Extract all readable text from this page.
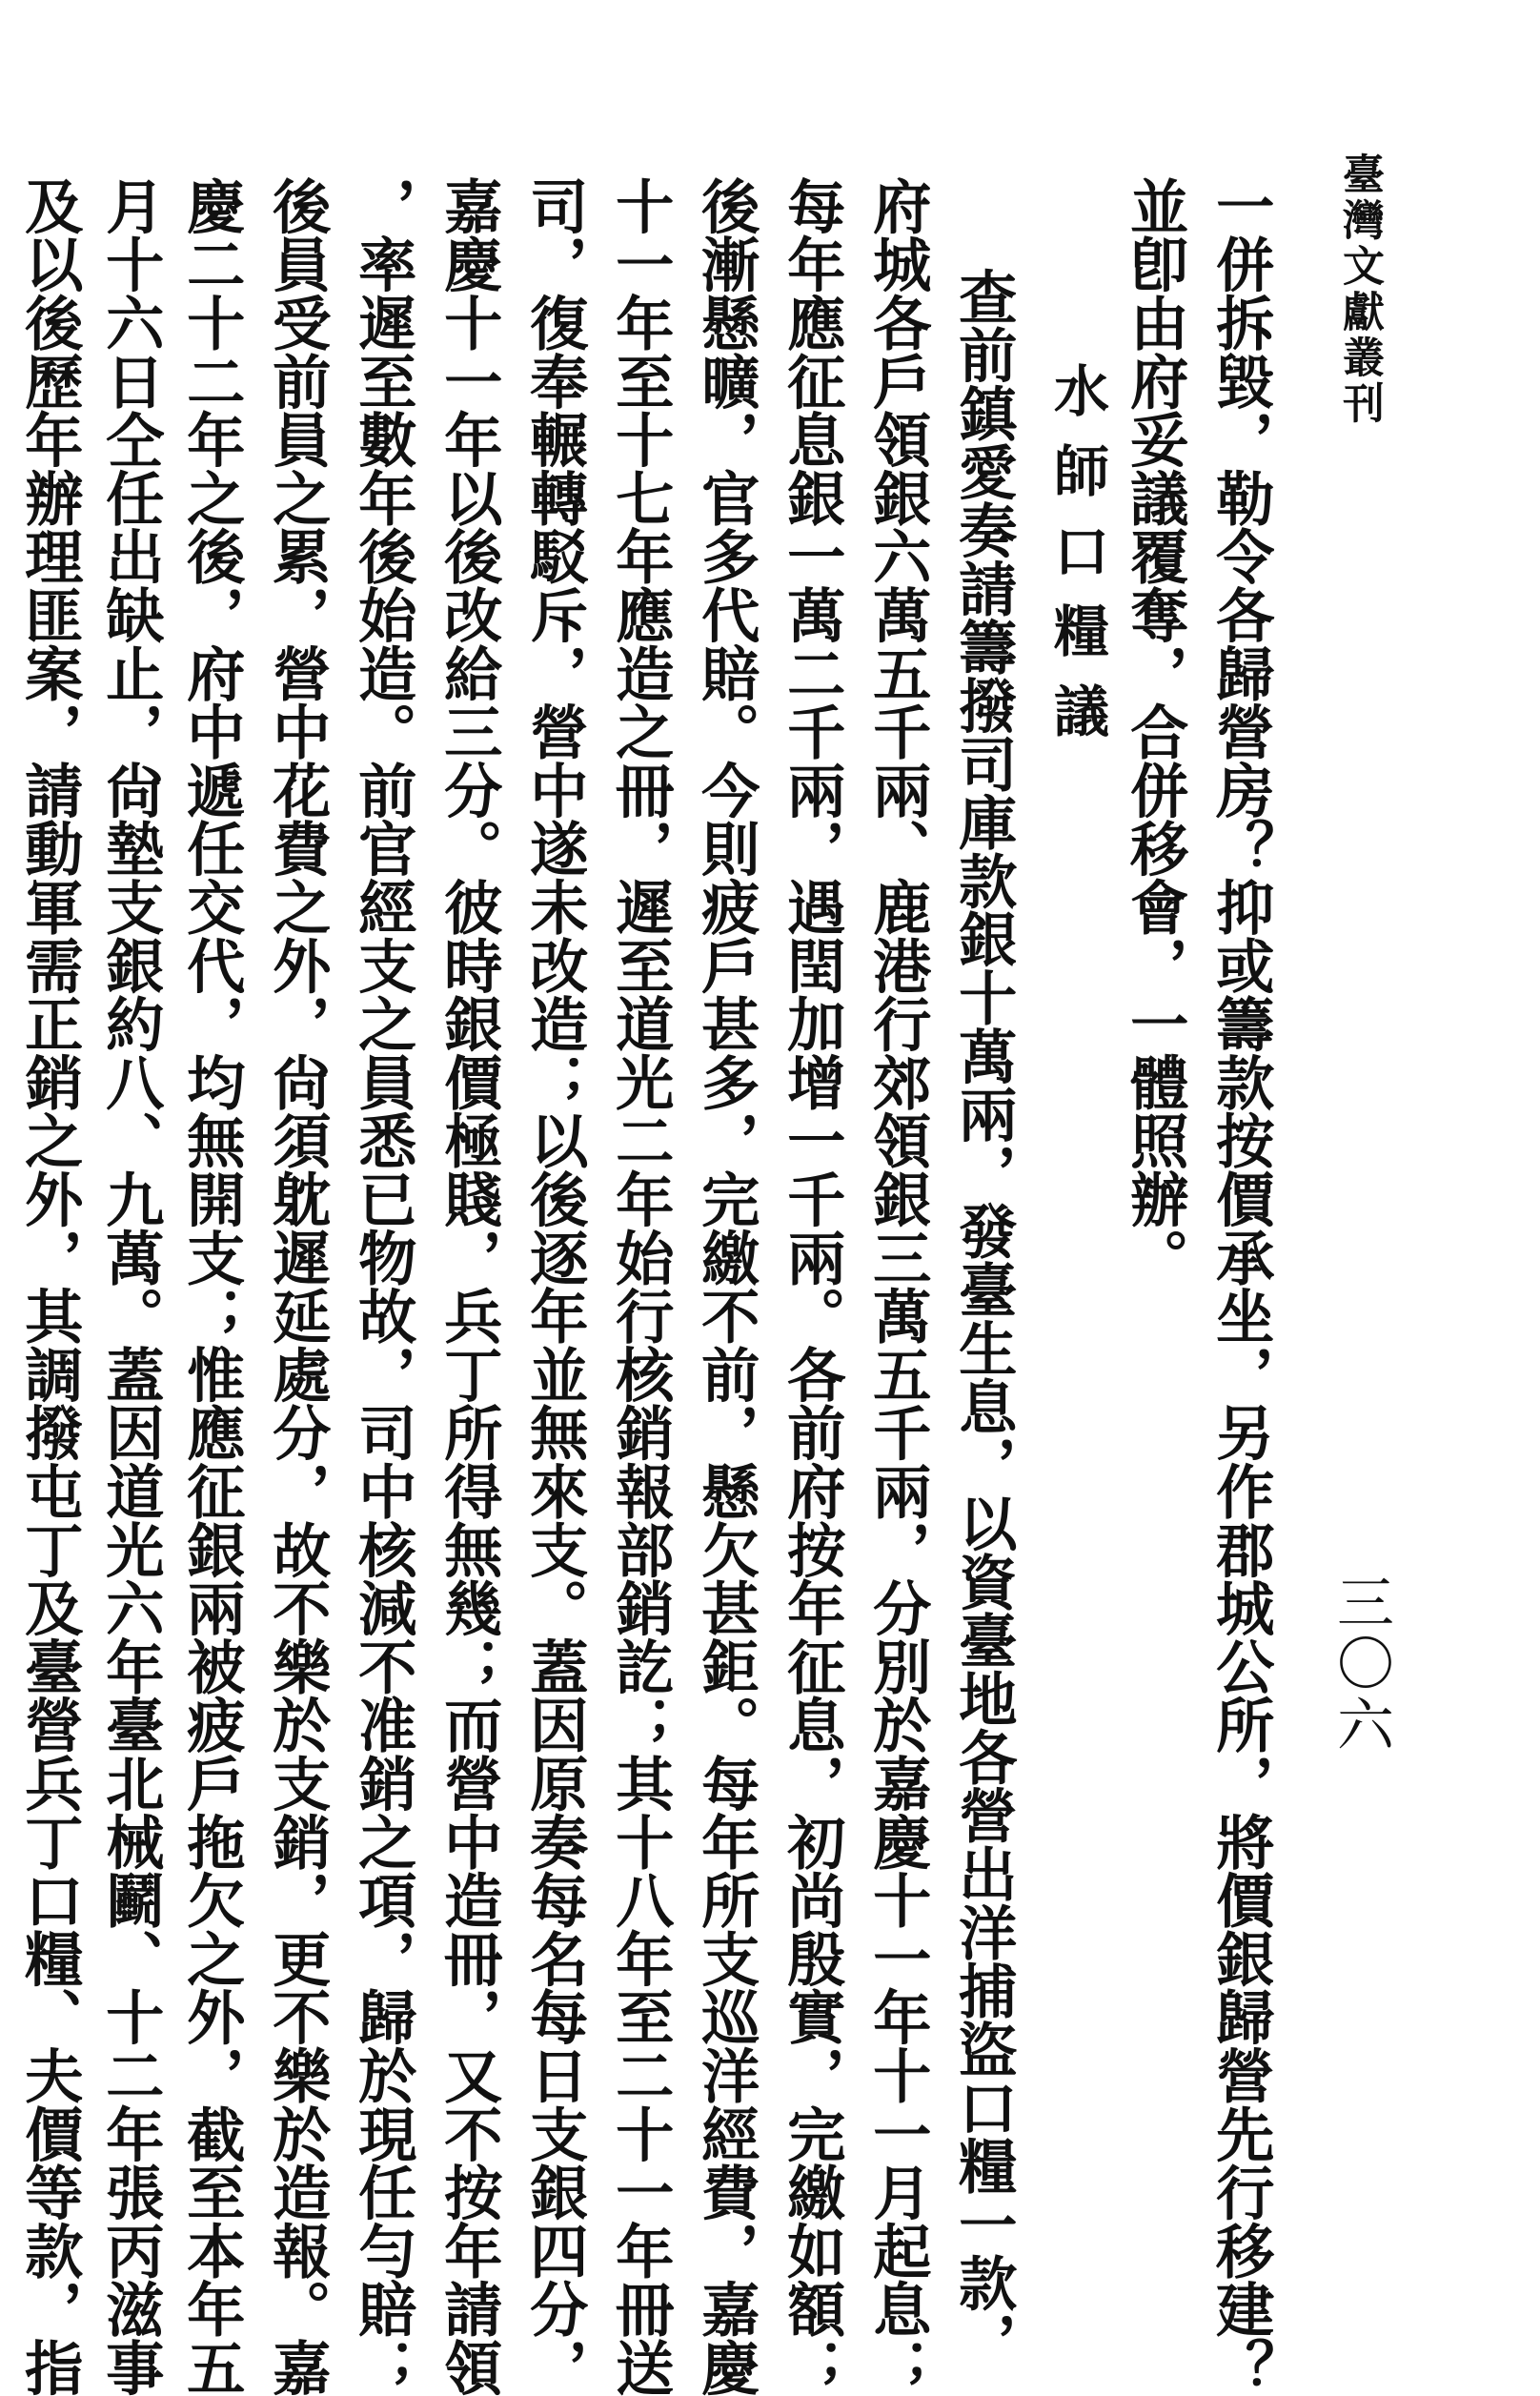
臺灣文獻叢刊
三〇六
一併拆毀，勒令各歸營房？抑或籌款按價承坐，另作郡城公所，將價銀歸營先行移建？
並卽由府妥議覆奪，合併移會，一體照辦。
水師口糧議
查前鎮愛奏請籌撥司庫款銀十萬兩，發臺生息，以資臺地各營出洋捕盜口糧一款，
府城各戶領銀六萬五千兩、鹿港行郊領銀三萬五千兩，分別於嘉慶十一年十一月起息；
每年應征息銀一萬二千兩，遇閏加增一千兩。各前府按年征息，初尚殷實，完繳如額；
後漸懸曠，官多代賠。今則疲戶甚多，完繳不前，懸欠甚鉅。每年所支巡洋經費，嘉慶
十一年至十七年應造之冊，遲至道光二年始行核銷報部銷訖；其十八年至二十一年冊送
司，復奉輾轉駁斥，營中遂未改造；以後逐年並無來支。蓋因原奏每名每日支銀四分，
嘉慶十一年以後改給三分。彼時銀價極賤，兵丁所得無幾；而營中造冊，又不按年請領
，率遲至數年後始造。前官經支之員悉已物故，司中核減不准銷之項，歸於現任勻賠；
後員受前員之累，營中花費之外，尙須躭遲延處分，故不樂於支銷，更不樂於造報。嘉
慶二十二年之後，府中遞任交代，均無開支；惟應征銀兩被疲戶拖欠之外，截至本年五
月十六日仝任出缺止，尙墊支銀約八、九萬。蓋因道光六年臺北械鬬、十二年張丙滋事
及以後歷年辦理匪案，請動軍需正銷之外，其調撥屯丁及臺營兵丁口糧、夫價等款，指
